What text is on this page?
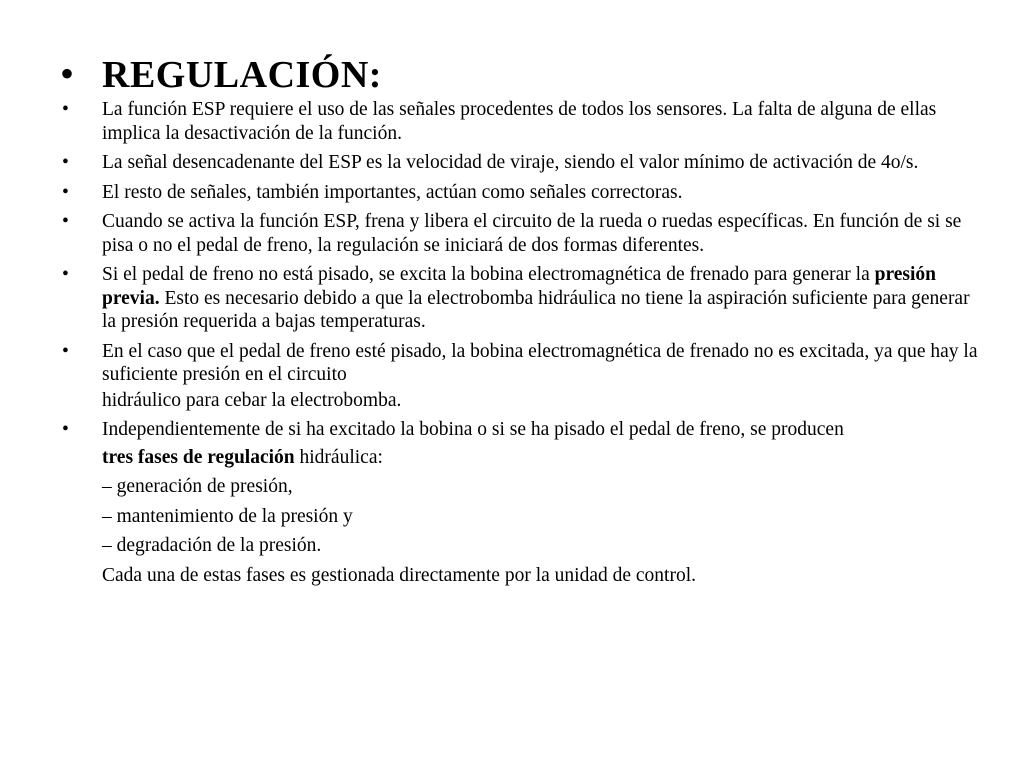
• REGULACIÓN:
•	La función ESP requiere el uso de las señales procedentes de todos los sensores. La falta de alguna de ellas implica la desactivación de la función.
•	La señal desencadenante del ESP es la velocidad de viraje, siendo el valor mínimo de activación de 4o/s.
•	El resto de señales, también importantes, actúan como señales correctoras.
•	Cuando se activa la función ESP, frena y libera el circuito de la rueda o ruedas específicas. En función de si se pisa o no el pedal de freno, la regulación se iniciará de dos formas diferentes.
•	Si el pedal de freno no está pisado, se excita la bobina electromagnética de frenado para generar la presión previa. Esto es necesario debido a que la electrobomba hidráulica no tiene la aspiración suficiente para generar la presión requerida a bajas temperaturas.
•	En el caso que el pedal de freno esté pisado, la bobina electromagnética de frenado no es excitada, ya que hay la suficiente presión en el circuito
hidráulico para cebar la electrobomba.
•	Independientemente de si ha excitado la bobina o si se ha pisado el pedal de freno, se producen
tres fases de regulación hidráulica:
– generación de presión,
– mantenimiento de la presión y
– degradación de la presión.
Cada una de estas fases es gestionada directamente por la unidad de control.
